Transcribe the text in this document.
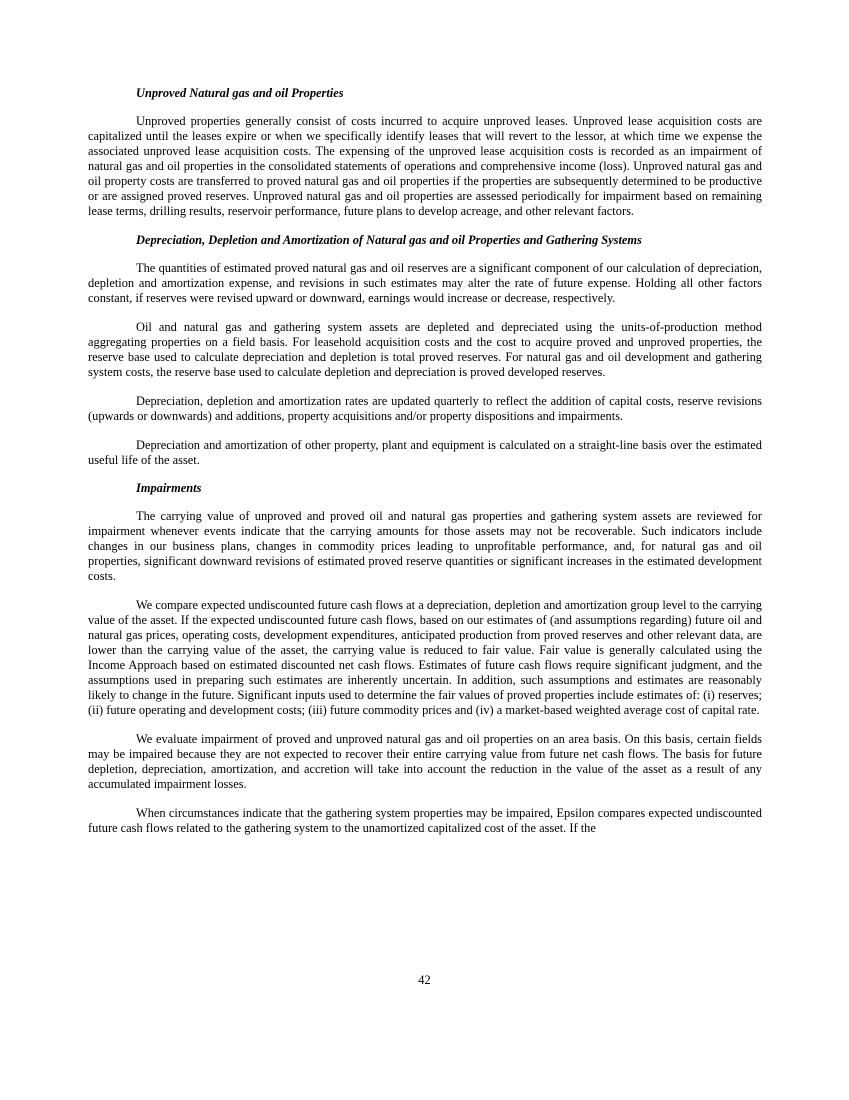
Unproved Natural gas and oil Properties

Unproved properties generally consist of costs incurred to acquire unproved leases. Unproved lease acquisition costs are capitalized until the leases expire or when we specifically identify leases that will revert to the lessor, at which time we expense the associated unproved lease acquisition costs. The expensing of the unproved lease acquisition costs is recorded as an impairment of natural gas and oil properties in the consolidated statements of operations and comprehensive income (loss). Unproved natural gas and oil property costs are transferred to proved natural gas and oil properties if the properties are subsequently determined to be productive or are assigned proved reserves. Unproved natural gas and oil properties are assessed periodically for impairment based on remaining lease terms, drilling results, reservoir performance, future plans to develop acreage, and other relevant factors.

Depreciation, Depletion and Amortization of Natural gas and oil Properties and Gathering Systems

The quantities of estimated proved natural gas and oil reserves are a significant component of our calculation of depreciation, depletion and amortization expense, and revisions in such estimates may alter the rate of future expense. Holding all other factors constant, if reserves were revised upward or downward, earnings would increase or decrease, respectively.

Oil and natural gas and gathering system assets are depleted and depreciated using the units-of-production method aggregating properties on a field basis. For leasehold acquisition costs and the cost to acquire proved and unproved properties, the reserve base used to calculate depreciation and depletion is total proved reserves. For natural gas and oil development and gathering system costs, the reserve base used to calculate depletion and depreciation is proved developed reserves.

Depreciation, depletion and amortization rates are updated quarterly to reflect the addition of capital costs, reserve revisions (upwards or downwards) and additions, property acquisitions and/or property dispositions and impairments.

Depreciation and amortization of other property, plant and equipment is calculated on a straight-line basis over the estimated useful life of the asset.

Impairments

The carrying value of unproved and proved oil and natural gas properties and gathering system assets are reviewed for impairment whenever events indicate that the carrying amounts for those assets may not be recoverable. Such indicators include changes in our business plans, changes in commodity prices leading to unprofitable performance, and, for natural gas and oil properties, significant downward revisions of estimated proved reserve quantities or significant increases in the estimated development costs.

We compare expected undiscounted future cash flows at a depreciation, depletion and amortization group level to the carrying value of the asset. If the expected undiscounted future cash flows, based on our estimates of (and assumptions regarding) future oil and natural gas prices, operating costs, development expenditures, anticipated production from proved reserves and other relevant data, are lower than the carrying value of the asset, the carrying value is reduced to fair value. Fair value is generally calculated using the Income Approach based on estimated discounted net cash flows. Estimates of future cash flows require significant judgment, and the assumptions used in preparing such estimates are inherently uncertain. In addition, such assumptions and estimates are reasonably likely to change in the future. Significant inputs used to determine the fair values of proved properties include estimates of: (i) reserves; (ii) future operating and development costs; (iii) future commodity prices and (iv) a market-based weighted average cost of capital rate.

We evaluate impairment of proved and unproved natural gas and oil properties on an area basis. On this basis, certain fields may be impaired because they are not expected to recover their entire carrying value from future net cash flows. The basis for future depletion, depreciation, amortization, and accretion will take into account the reduction in the value of the asset as a result of any accumulated impairment losses.

When circumstances indicate that the gathering system properties may be impaired, Epsilon compares expected undiscounted future cash flows related to the gathering system to the unamortized capitalized cost of the asset. If the

42
